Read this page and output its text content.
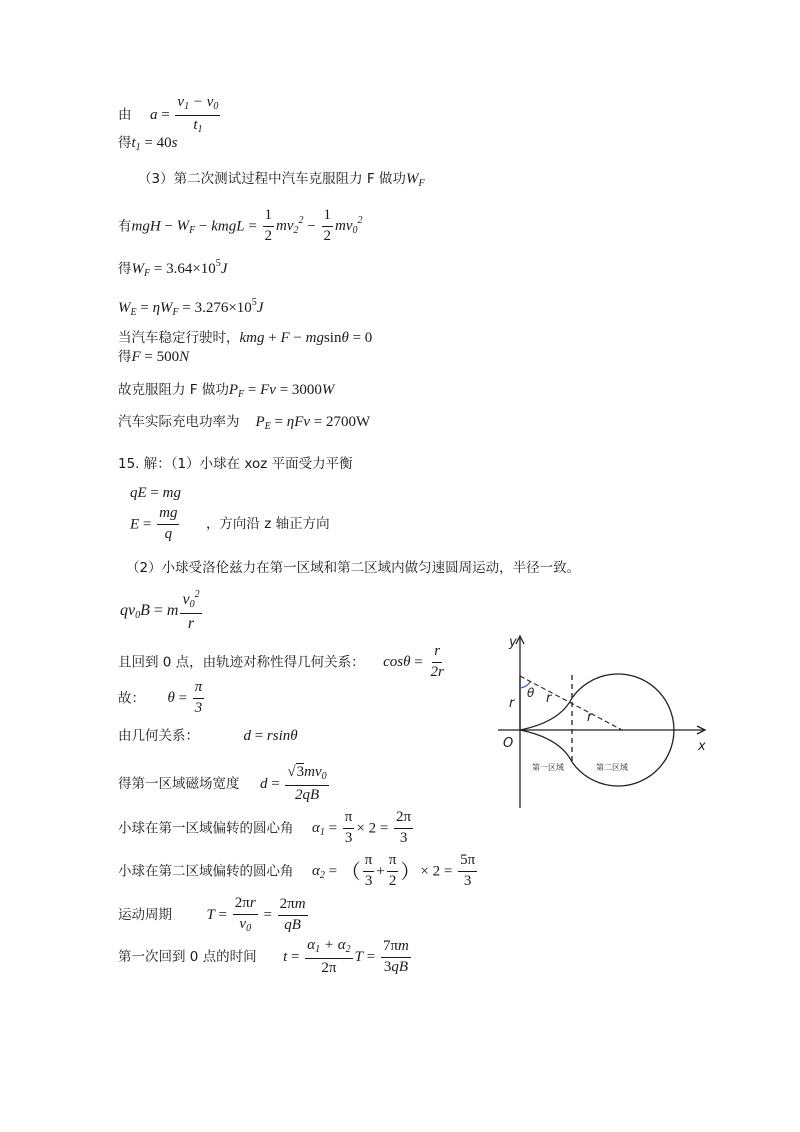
由 $a = \frac{v_1 - v_0}{t_1}$
得$t_1 = 40s$
（3）第二次测试过程中汽车克服阻力 F 做功$W_F$
有mgH − $W_F$ − kmgL = $\frac{1}{2} mv_2^2 - \frac{1}{2} mv_0^2$
得$W_F = 3.64\times 10^5J$
$W_E = \eta W_F = 3.276\times 10^5J$
当汽车稳定行驶时，kmg + F − mgsinθ = 0
得F = 500N
故克服阻力 F 做功$P_F = Fv = 3000W$
汽车实际充电功率为 $P_E = \eta Fv = 2700W$
15. 解：（1）小球在 xoz 平面受力平衡
qE = mg
$E = \frac{mg}{q}$ ，方向沿 z 轴正方向
（2）小球受洛伦兹力在第一区域和第二区域内做匀速圆周运动，半径一致。
$qv_0B = m \frac{v_0^2}{r}$
且回到 0 点，由轨迹对称性得几何关系： $\cos\theta = \frac{r}{2r}$
故： $\theta = \frac{\pi}{3}$
由几何关系：	d = rsinθ
得第一区域磁场宽度 $d = \frac{√3mv_0}{2qB}$
小球在第一区域偏转的圆心角 $\alpha_1 = \frac{\pi}{3} \times 2 = \frac{2\pi}{3}$
小球在第二区域偏转的圆心角 $\alpha_2$ = （ $\frac{\pi}{3} + \frac{\pi}{2}$ ）× $2 = \frac{5\pi}{3}$
运动周期 $T = \frac{2\pi r}{v_0} = \frac{2\pi m}{qB}$
第一次回到 0 点的时间 $t = \frac{\alpha_1 + \alpha_2}{2\pi}$ $T = \frac{7\pi m}{3qB}$
y
x
O
r
θ r
r
第一区域	第二区域
